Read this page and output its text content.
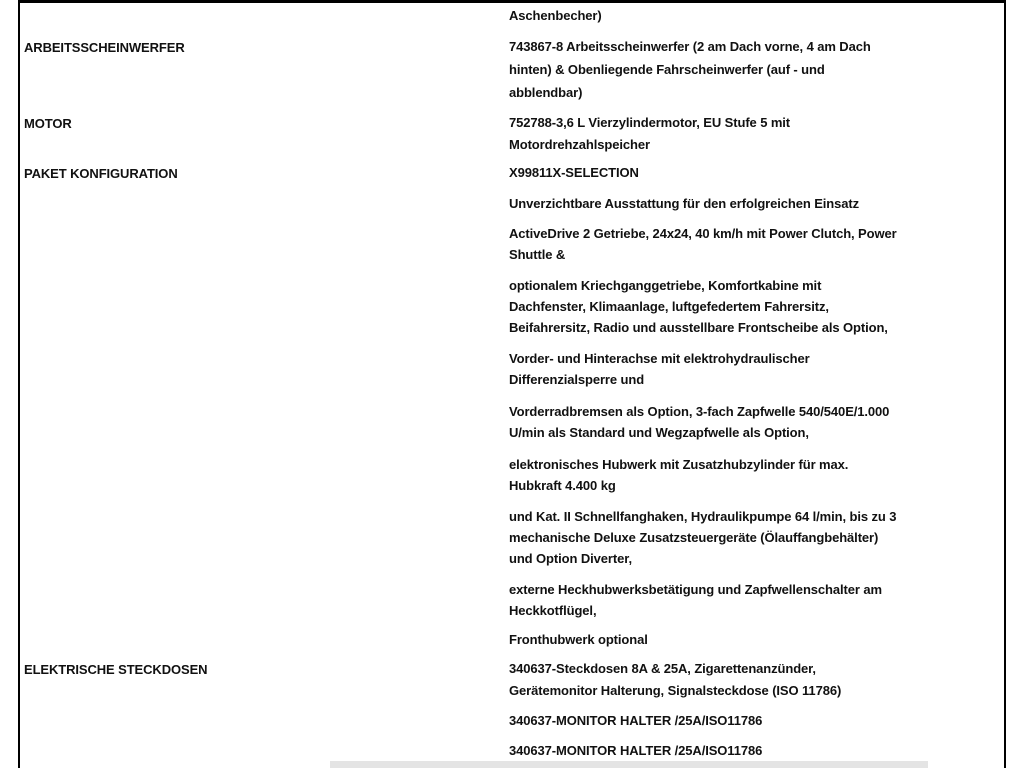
Aschenbecher)
ARBEITSSCHEINWERFER	743867-8 Arbeitsscheinwerfer (2 am Dach vorne, 4 am Dach
hinten) & Obenliegende Fahrscheinwerfer (auf - und
abblendbar)
MOTOR	752788-3,6 L Vierzylindermotor, EU Stufe 5 mit
Motordrehzahlspeicher
PAKET KONFIGURATION	X99811X-SELECTION
Unverzichtbare Ausstattung für den erfolgreichen Einsatz
ActiveDrive 2 Getriebe, 24x24, 40 km/h mit Power Clutch, Power
Shuttle &
optionalem Kriechganggetriebe, Komfortkabine mit
Dachfenster, Klimaanlage, luftgefedertem Fahrersitz,
Beifahrersitz, Radio und ausstellbare Frontscheibe als Option,
Vorder- und Hinterachse mit elektrohydraulischer
Differenzialsperre und
Vorderradbremsen als Option, 3-fach Zapfwelle 540/540E/1.000
U/min als Standard und Wegzapfwelle als Option,
elektronisches Hubwerk mit Zusatzhubzylinder für max.
Hubkraft 4.400 kg
und Kat. II Schnellfanghaken, Hydraulikpumpe 64 l/min, bis zu 3
mechanische Deluxe Zusatzsteuergeräte (Ölauffangbehälter)
und Option Diverter,
externe Heckhubwerksbetätigung und Zapfwellenschalter am
Heckkotflügel,
Fronthubwerk optional
ELEKTRISCHE STECKDOSEN	340637-Steckdosen 8A & 25A, Zigarettenanzünder,
Gerätemonitor Halterung, Signalsteckdose (ISO 11786)
340637-MONITOR HALTER /25A/ISO11786
340637-MONITOR HALTER /25A/ISO11786
